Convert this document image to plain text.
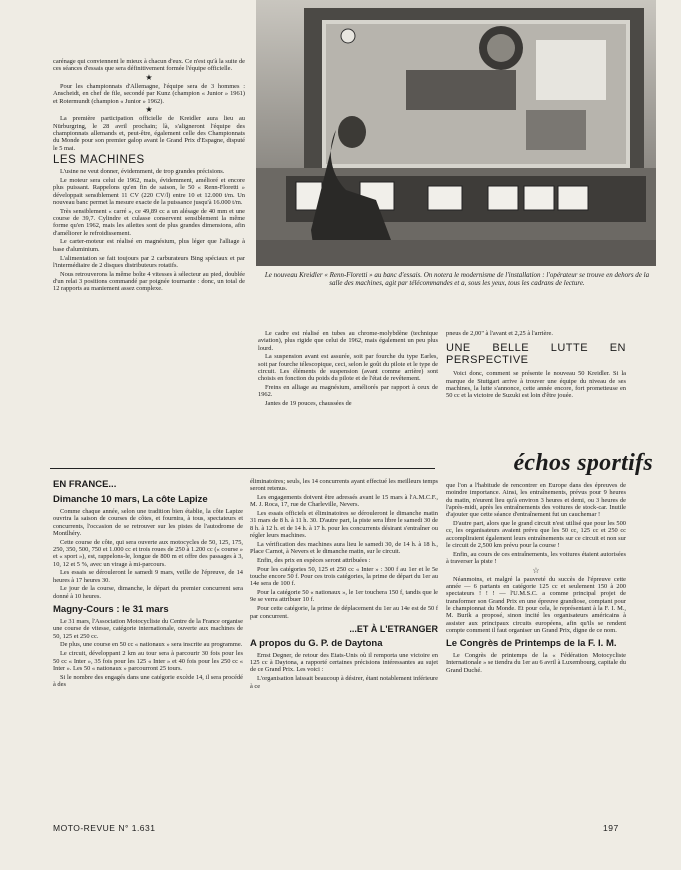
Le nouveau Kreidler « Renn-Floretti » au banc d'essais. On notera le modernisme de l'installation : l'opérateur se trouve en dehors de la salle des machines, agit par télécommandes et a, sous les yeux, tous les cadrans de lecture.

carénage qui conviennent le mieux à chacun d'eux. Ce n'est qu'à la suite de ces séances d'essais que sera définitivement formée l'équipe officielle.

★

Pour les championnats d'Allemagne, l'équipe sera de 3 hommes : Anscheidt, en chef de file, secondé par Kunz (champion « Junior » 1961) et Rotermundt (champion « Junior » 1962).

★

La première participation officielle de Kreidler aura lieu au Nürburgring, le 28 avril prochain; là, s'aligneront l'équipe des championnats allemands et, peut-être, également celle des Championnats du Monde pour son premier galop avant le Grand Prix d'Espagne, disputé le 5 mai.

LES MACHINES

L'usine ne veut donner, évidemment, de trop grandes précisions.

Le moteur sera celui de 1962, mais, évidemment, amélioré et encore plus puissant. Rappelons qu'en fin de saison, le 50 « Renn-Floretti » développait sensiblement 11 CV (220 CV/l) entre 10 et 12.000 t/m. Un nouveau banc permet la mesure exacte de la puissance jusqu'à 16.000 t/m.

Très sensiblement « carré », ce 49,89 cc a un alésage de 40 mm et une course de 39,7. Cylindre et culasse conservent sensiblement la même forme qu'en 1962, mais les ailettes sont de plus grandes dimensions, afin d'améliorer le refroidissement.

Le carter-moteur est réalisé en magnésium, plus léger que l'alliage à base d'aluminium.

L'alimentation se fait toujours par 2 carburateurs Bing spéciaux et par l'intermédiaire de 2 disques distributeurs rotatifs.

Nous retrouverons la même boîte 4 vitesses à sélecteur au pied, doublée d'un relai 3 positions commandé par poignée tournante : donc, un total de 12 rapports au maniement assez complexe.

Le cadre est réalisé en tubes au chrome-molybdène (technique aviation), plus rigide que celui de 1962, mais également un peu plus lourd.

La suspension avant est assurée, soit par fourche du type Earles, soit par fourche télescopique, ceci, selon le goût du pilote et le type de circuit. Les éléments de suspension (avant comme arrière) sont choisis en fonction du poids du pilote et de l'état de revêtement.

Freins en alliage au magnésium, améliorés par rapport à ceux de 1962.

Jantes de 19 pouces, chaussées de

pneus de 2,00" à l'avant et 2,25 à l'arrière.

UNE BELLE LUTTE EN PERSPECTIVE

Voici donc, comment se présente le nouveau 50 Kreidler. Si la marque de Stuttgart arrive à trouver une équipe du niveau de ses machines, la lutte s'annonce, cette année encore, fort prometteuse en 50 cc et la victoire de Suzuki est loin d'être jouée.

échos sportifs
EN FRANCE...
Dimanche 10 mars, La côte Lapize

Comme chaque année, selon une tradition bien établie, la côte Lapize ouvrira la saison de courses de côtes, et fournira, à tous, spectateurs et concurrents, l'occasion de se retrouver sur les pistes de l'autodrome de Montlhéry.

Cette course de côte, qui sera ouverte aux motocycles de 50, 125, 175, 250, 350, 500, 750 et 1.000 cc et trois roues de 250 à 1.200 cc (« course » et « sport »), est, rappelons-le, longue de 800 m et offre des passages à 3, 10, 12 et 5 %, avec un virage à mi-parcours.

Les essais se dérouleront le samedi 9 mars, veille de l'épreuve, de 14 heures à 17 heures 30.

Le jour de la course, dimanche, le départ du premier concurrent sera donné à 10 heures.

Magny-Cours : le 31 mars

Le 31 mars, l'Association Motocycliste du Centre de la France organise une course de vitesse, catégorie internationale, ouverte aux machines de 50, 125 et 250 cc.

De plus, une course en 50 cc « nationaux » sera inscrite au programme.

Le circuit, développant 2 km au tour sera à parcourir 30 fois pour les 50 cc « Inter », 35 fois pour les 125 « Inter » et 40 fois pour les 250 cc « Inter ». Les 50 « nationaux » parcourront 25 tours.

Si le nombre des engagés dans une catégorie excède 14, il sera procédé à des

éliminatoires; seuls, les 14 concurrents ayant effectué les meilleurs temps seront retenus.

Les engagements doivent être adressés avant le 15 mars à l'A.M.C.F., M. J. Roca, 17, rue de Charleville, Nevers.

Les essais officiels et éliminatoires se dérouleront le dimanche matin 31 mars de 8 h. à 11 h. 30. D'autre part, la piste sera libre le samedi 30 de 8 h. à 12 h. et de 14 h. à 17 h. pour les concurrents désirant s'entraîner ou régler leurs machines.

La vérification des machines aura lieu le samedi 30, de 14 h. à 18 h., Place Carnot, à Nevers et le dimanche matin, sur le circuit.

Enfin, des prix en espèces seront attribuées :

Pour les catégories 50, 125 et 250 cc « Inter » : 300 f au 1er et le 5e touche encore 50 f. Pour ces trois catégories, la prime de départ du 1er au 14e sera de 100 f.

Pour la catégorie 50 « nationaux », le 1er touchera 150 f, tandis que le 9e se verra attribuer 10 f.

Pour cette catégorie, la prime de déplacement du 1er au 14e est de 50 f par concurrent.

...ET À L'ETRANGER
A propos du G. P. de Daytona

Ernst Degner, de retour des Etats-Unis où il remporta une victoire en 125 cc à Daytona, a rapporté certaines précisions intéressantes au sujet de ce Grand Prix. Les voici :

L'organisation laissait beaucoup à désirer, étant notablement inférieure à ce

que l'on a l'habitude de rencontrer en Europe dans des épreuves de moindre importance. Ainsi, les entraînements, prévus pour 9 heures du matin, n'eurent lieu qu'à environ 3 heures et demi, ou 3 heures de l'après-midi, après les entraînements des voitures de stock-car. Inutile d'ajouter que cette séance d'entraînement fut un cauchemar !

D'autre part, alors que le grand circuit n'est utilisé que pour les 500 cc, les organisateurs avaient prévu que les 50 cc, 125 cc et 250 cc accompliraient également leurs entraînements sur ce circuit et non sur le circuit de 2,500 km prévu pour la course !

Enfin, au cours de ces entraînements, les voitures étaient autorisées à traverser la piste !

☆

Néanmoins, et malgré la pauvreté du succès de l'épreuve cette année — 6 partants en catégorie 125 cc et seulement 150 à 200 spectateurs ! ! ! — l'U.M.S.C. a comme principal projet de transformer son Grand Prix en une épreuve grandiose, comptant pour le championnat du Monde. Et pour cela, le représentant à la F. I. M., M. Burik a proposé, sinon incité les organisateurs américains à assister aux principaux circuits européens, afin qu'ils se rendent compte comment il faut organiser un Grand Prix, digne de ce nom.

Le Congrès de Printemps de la F. I. M.

Le Congrès de printemps de la « Fédération Motocycliste Internationale » se tiendra du 1er au 6 avril à Luxembourg, capitale du Grand Duché.

MOTO-REVUE N° 1.631	197
